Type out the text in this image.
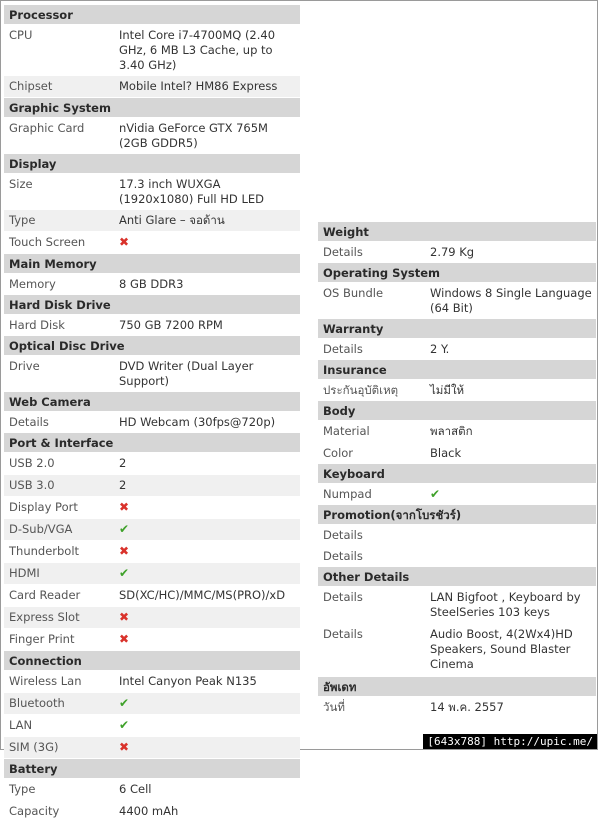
Processor
CPU	Intel Core i7-4700MQ (2.40 GHz, 6 MB L3 Cache, up to 3.40 GHz)
Chipset	Mobile Intel? HM86 Express
Graphic System
Graphic Card	nVidia GeForce GTX 765M (2GB GDDR5)
Display
Size	17.3 inch WUXGA (1920x1080) Full HD LED
Type	Anti Glare – จอด้าน
Touch Screen	✖
Main Memory
Memory	8 GB DDR3
Hard Disk Drive
Hard Disk	750 GB 7200 RPM
Optical Disc Drive
Drive	DVD Writer (Dual Layer Support)
Web Camera
Details	HD Webcam (30fps@720p)
Port & Interface
USB 2.0	2
USB 3.0	2
Display Port	✖
D-Sub/VGA	✔
Thunderbolt	✖
HDMI	✔
Card Reader	SD(XC/HC)/MMC/MS(PRO)/xD
Express Slot	✖
Finger Print	✖
Connection
Wireless Lan	Intel Canyon Peak N135
Bluetooth	✔
LAN	✔
SIM (3G)	✖
Battery
Type	6 Cell
Capacity	4400 mAh
Weight
Details	2.79 Kg
Operating System
OS Bundle	Windows 8 Single Language (64 Bit)
Warranty
Details	2 Y.
Insurance
ประกันอุบัติเหตุ	ไม่มีให้
Body
Material	พลาสติก
Color	Black
Keyboard
Numpad	✔
Promotion(จากโบรชัวร์)
Details
Details
Other Details
Details	LAN Bigfoot , Keyboard by SteelSeries 103 keys
Details	Audio Boost, 4(2Wx4)HD Speakers, Sound Blaster Cinema
อัพเดท
วันที่	14 พ.ค. 2557
[643x788] http://upic.me/
